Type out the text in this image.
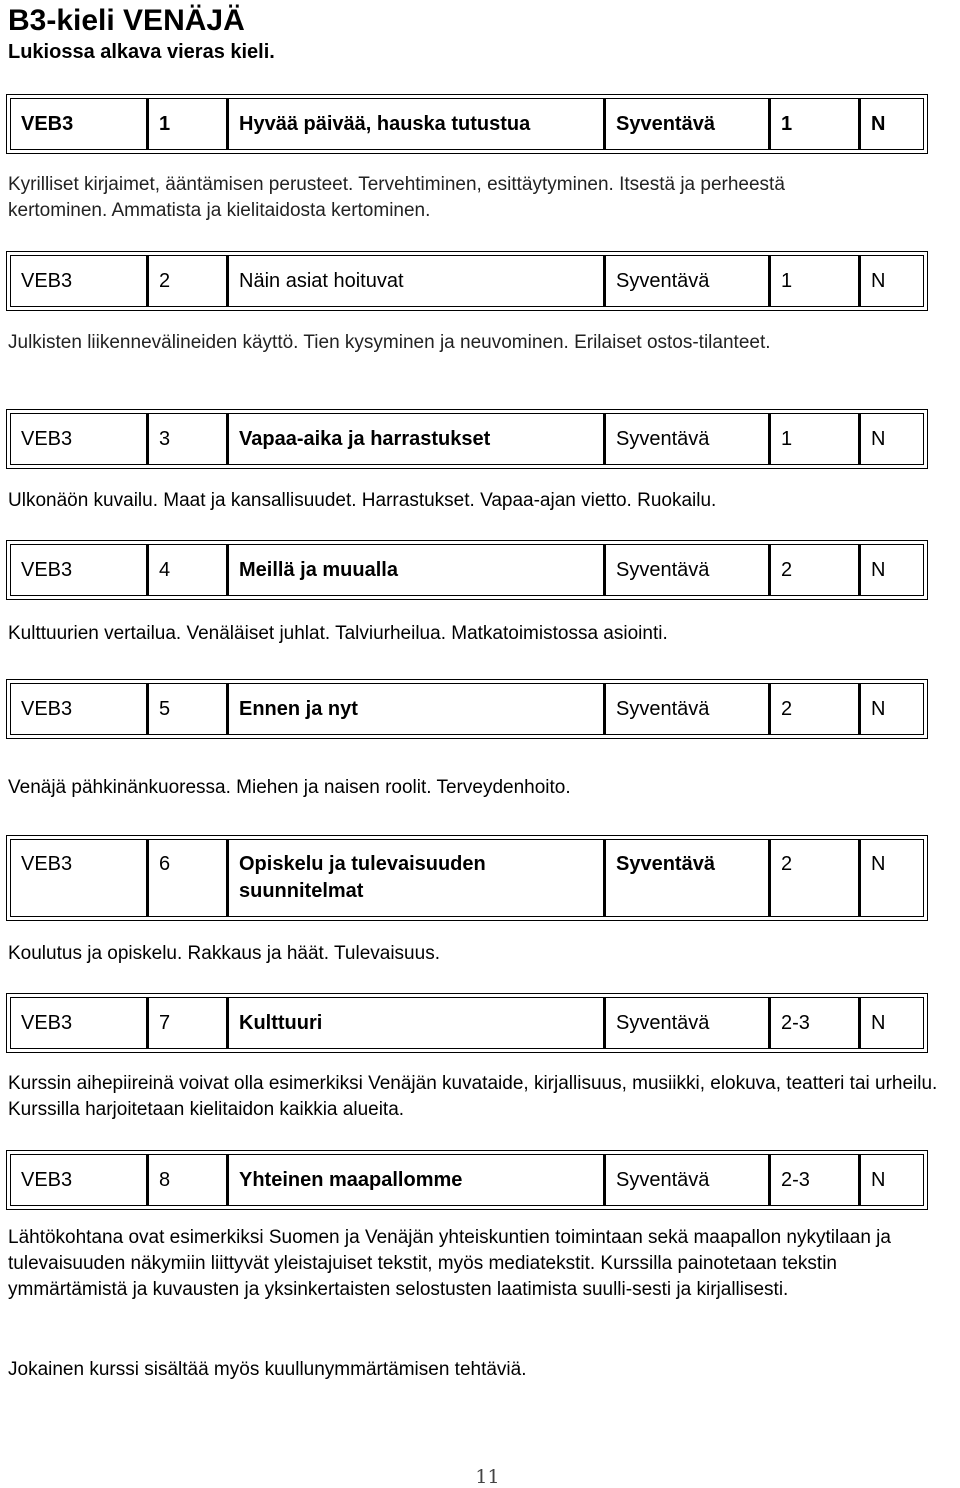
B3-kieli VENÄJÄ
Lukiossa alkava vieras kieli.
VEB3	1	Hyvää päivää, hauska tutustua	Syventävä	1	N
Kyrilliset kirjaimet, ääntämisen perusteet. Tervehtiminen, esittäytyminen. Itsestä ja perheestä kertominen. Ammatista ja kielitaidosta kertominen.
VEB3	2	Näin asiat hoituvat	Syventävä	1	N
Julkisten liikennevälineiden käyttö. Tien kysyminen ja neuvominen. Erilaiset ostos-tilanteet.
VEB3	3	Vapaa-aika ja harrastukset	Syventävä	1	N
Ulkonäön kuvailu. Maat ja kansallisuudet. Harrastukset. Vapaa-ajan vietto. Ruokailu.
VEB3	4	Meillä ja muualla	Syventävä	2	N
Kulttuurien vertailua. Venäläiset juhlat. Talviurheilua. Matkatoimistossa asiointi.
VEB3	5	Ennen ja nyt	Syventävä	2	N
Venäjä pähkinänkuoressa. Miehen ja naisen roolit. Terveydenhoito.
VEB3	6	Opiskelu ja tulevaisuuden suunnitelmat	Syventävä	2	N
Koulutus ja opiskelu. Rakkaus ja häät. Tulevaisuus.
VEB3	7	Kulttuuri	Syventävä	2-3	N
Kurssin aihepiireinä voivat olla esimerkiksi Venäjän kuvataide, kirjallisuus, musiikki, elokuva, teatteri tai urheilu. Kurssilla harjoitetaan kielitaidon kaikkia alueita.
VEB3	8	Yhteinen maapallomme	Syventävä	2-3	N
Lähtökohtana ovat esimerkiksi Suomen ja Venäjän yhteiskuntien toimintaan sekä maapallon nykytilaan ja tulevaisuuden näkymiin liittyvät yleistajuiset tekstit, myös mediatekstit. Kurssilla painotetaan tekstin ymmärtämistä ja kuvausten ja yksinkertaisten selostusten laatimista suulli-sesti ja kirjallisesti.
Jokainen kurssi sisältää myös kuullunymmärtämisen tehtäviä.
11
